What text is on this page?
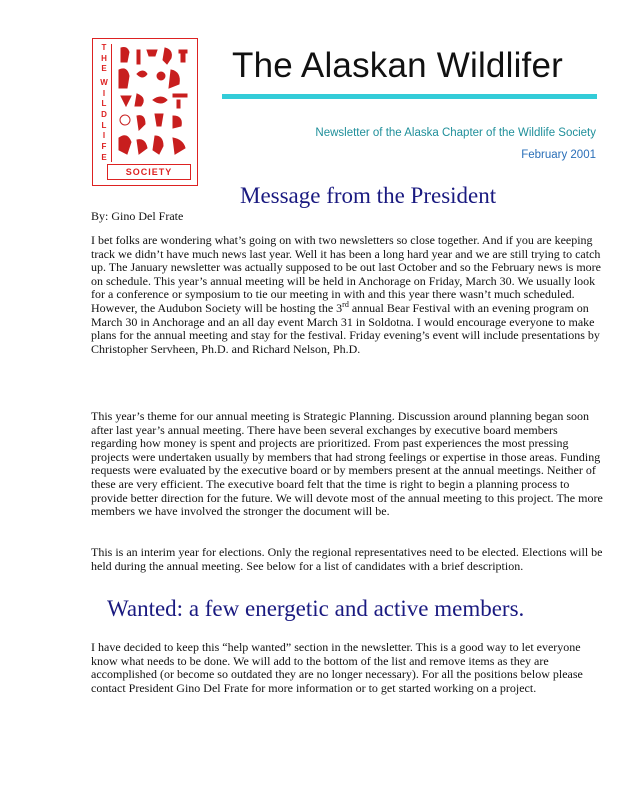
T
H
E
W
I
L
D
L
I
F
E
SOCIETY
The Alaskan Wildlifer
Newsletter of the Alaska Chapter of the Wildlife Society
February 2001
Message from the President
By: Gino Del Frate

I bet folks are wondering what’s going on with two newsletters so close together. And if you are keeping track we didn’t have much news last year. Well it has been a long hard year and we are still trying to catch up. The January newsletter was actually supposed to be out last October and so the February news is more on schedule. This year’s annual meeting will be held in Anchorage on Friday, March 30. We usually look for a conference or symposium to tie our meeting in with and this year there wasn’t much scheduled. However, the Audubon Society will be hosting the 3rd annual Bear Festival with an evening program on March 30 in Anchorage and an all day event March 31 in Soldotna. I would encourage everyone to make plans for the annual meeting and stay for the festival. Friday evening’s event will include presentations by Christopher Servheen, Ph.D. and Richard Nelson, Ph.D.

This year’s theme for our annual meeting is Strategic Planning. Discussion around planning began soon after last year’s annual meeting. There have been several exchanges by executive board members regarding how money is spent and projects are prioritized. From past experiences the most pressing projects were undertaken usually by members that had strong feelings or expertise in those areas. Funding requests were evaluated by the executive board or by members present at the annual meetings. Neither of these are very efficient. The executive board felt that the time is right to begin a planning process to provide better direction for the future. We will devote most of the annual meeting to this project. The more members we have involved the stronger the document will be.

This is an interim year for elections. Only the regional representatives need to be elected. Elections will be held during the annual meeting. See below for a list of candidates with a brief description.

Wanted: a few energetic and active members.

I have decided to keep this “help wanted” section in the newsletter. This is a good way to let everyone know what needs to be done. We will add to the bottom of the list and remove items as they are accomplished (or become so outdated they are no longer necessary). For all the positions below please contact President Gino Del Frate for more information or to get started working on a project.
